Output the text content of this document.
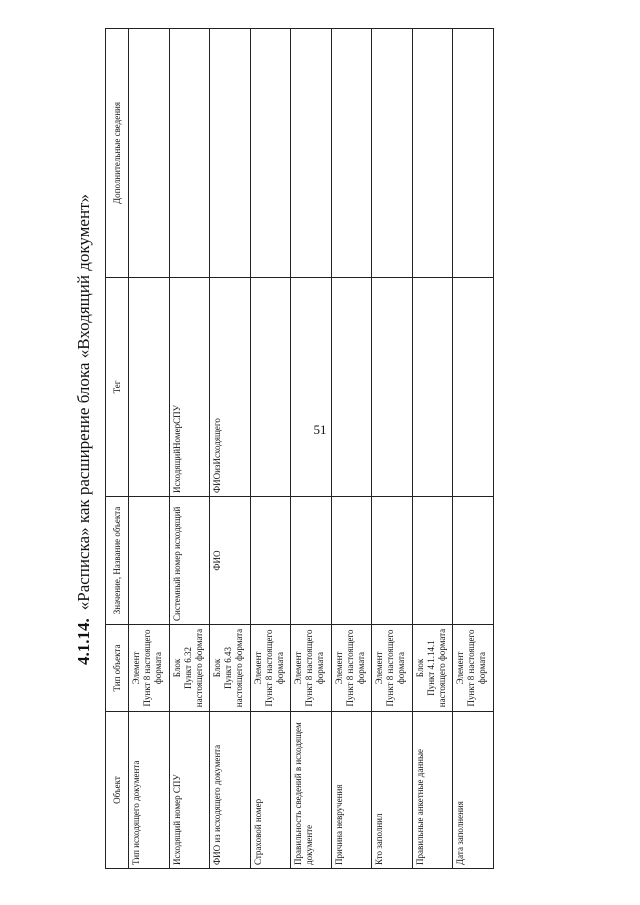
51
4.1.14.«Расписка» как расширение блока «Входящий документ»
Объект	Тип объекта	Значение, Название объекта	Тег	Дополнительные сведения
Тип исходящего документа	Элемент Пункт 8 настоящего формата			

Исходящий номер СПУ	Блок Пункт 6.32 настоящего формата	Системный номер исходящий	ИсходящийНомерСПУ	
ФИО из исходящего документа	Блок Пункт 6.43 настоящего формата	ФИО	ФИОизИсходящего	
Страховой номер	Элемент Пункт 8 настоящего формата			

Правильность сведений в исходящем документе	Элемент Пункт 8 настоящего формата			

Причина невручения	Элемент Пункт 8 настоящего формата			

Кто заполнил	Элемент Пункт 8 настоящего формата			

Правильные анкетные данные	Блок Пункт 4.1.14.1 настоящего формата			

Дата заполнения	Элемент Пункт 8 настоящего формата			
